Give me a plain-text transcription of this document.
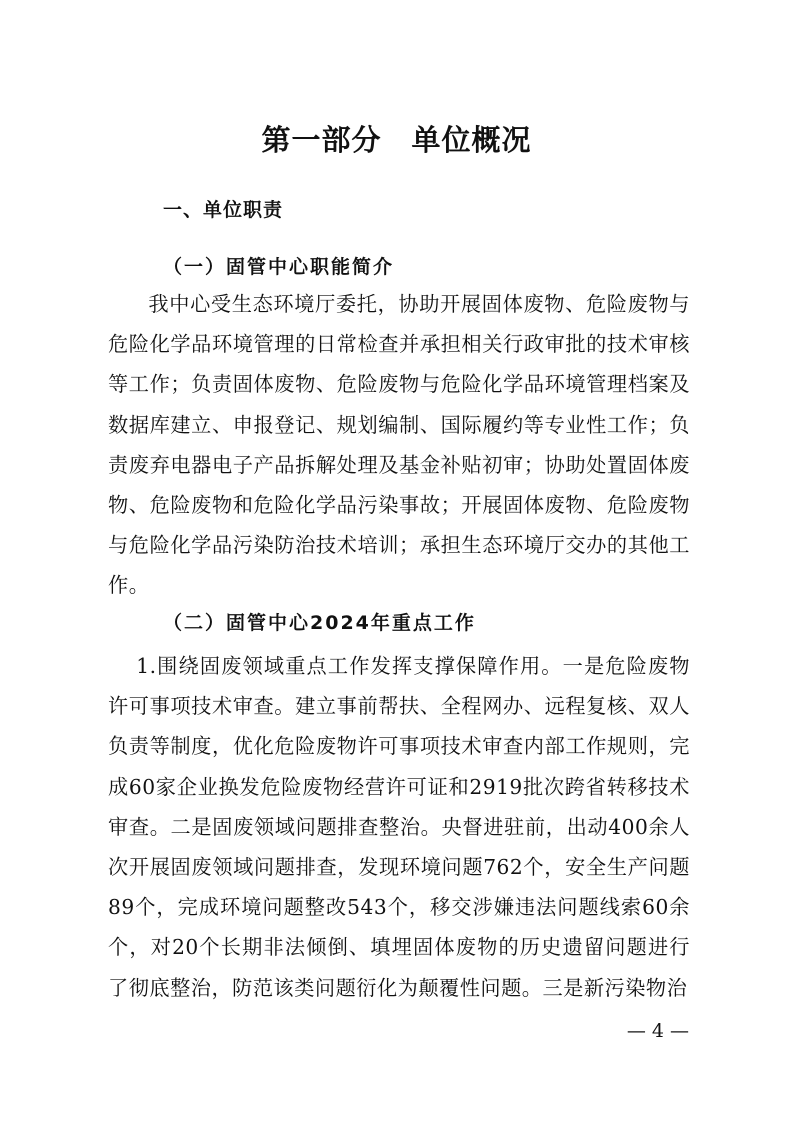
第一部分　单位概况
一、单位职责
（一）固管中心职能简介
我中心受生态环境厅委托，协助开展固体废物、危险废物与危险化学品环境管理的日常检查并承担相关行政审批的技术审核等工作；负责固体废物、危险废物与危险化学品环境管理档案及数据库建立、申报登记、规划编制、国际履约等专业性工作；负责废弃电器电子产品拆解处理及基金补贴初审；协助处置固体废物、危险废物和危险化学品污染事故；开展固体废物、危险废物与危险化学品污染防治技术培训；承担生态环境厅交办的其他工作。
（二）固管中心2024年重点工作
1.围绕固废领域重点工作发挥支撑保障作用。一是危险废物许可事项技术审查。建立事前帮扶、全程网办、远程复核、双人负责等制度，优化危险废物许可事项技术审查内部工作规则，完成60家企业换发危险废物经营许可证和2919批次跨省转移技术审查。二是固废领域问题排查整治。央督进驻前，出动400余人次开展固废领域问题排查，发现环境问题762个，安全生产问题89个，完成环境问题整改543个，移交涉嫌违法问题线索60余个，对20个长期非法倾倒、填埋固体废物的历史遗留问题进行了彻底整治，防范该类问题衍化为颠覆性问题。三是新污染物治
— 4 —
